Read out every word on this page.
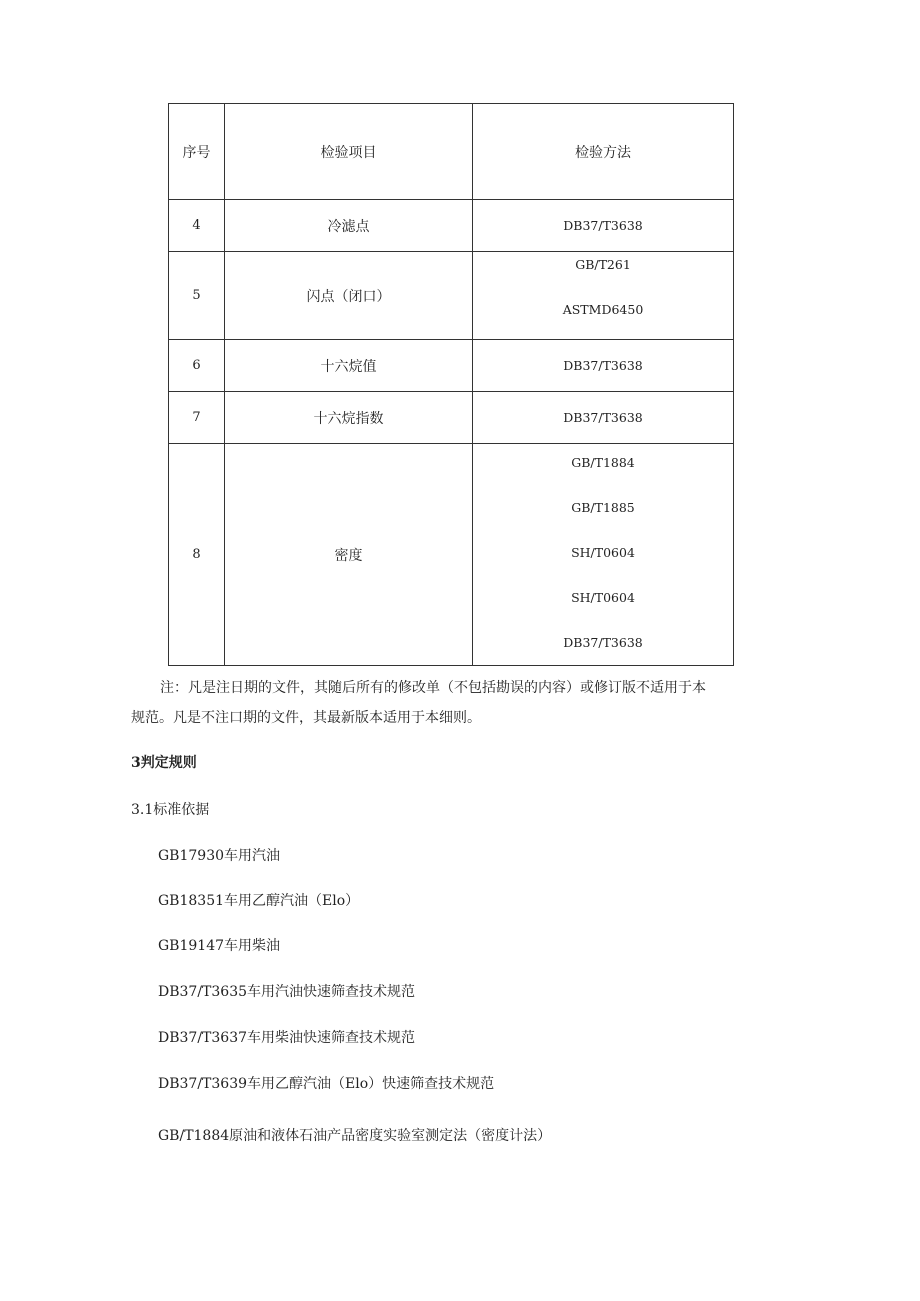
序号	检验项目	检验方法
4	冷滤点	DB37/T3638
5	闪点（闭口）	GB/T261
ASTMD6450

6	十六烷值	DB37/T3638
7	十六烷指数	DB37/T3638
8	密度	GB/T1884
GB/T1885
SH/T0604
SH/T0604
DB37/T3638
注：凡是注日期的文件，其随后所有的修改单（不包括勘误的内容）或修订版不适用于本
规范。凡是不注口期的文件，其最新版本适用于本细则。
3判定规则
3.1标准依据
GB17930车用汽油
GB18351车用乙醇汽油（Elo）
GB19147车用柴油
DB37/T3635车用汽油快速筛查技术规范
DB37/T3637车用柴油快速筛查技术规范
DB37/T3639车用乙醇汽油（Elo）快速筛查技术规范
GB/T1884原油和液体石油产品密度实验室测定法（密度计法）
